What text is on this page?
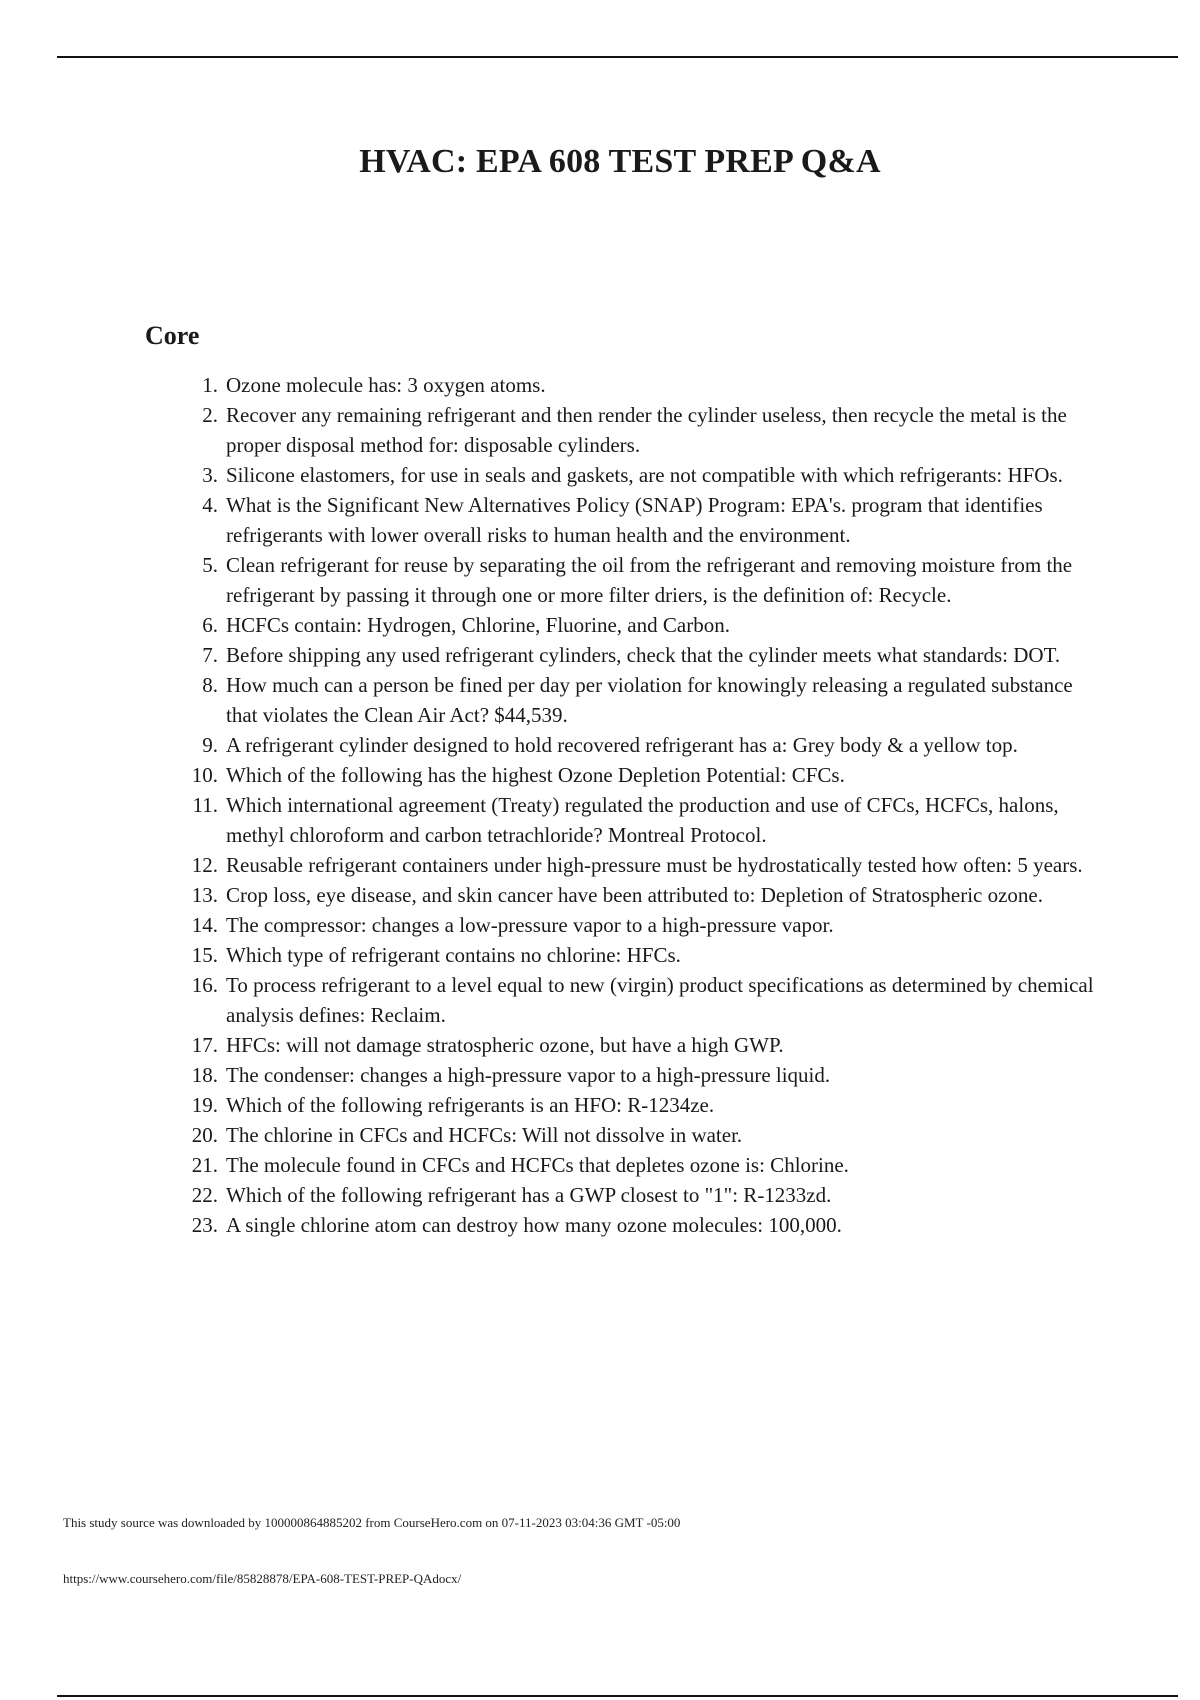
HVAC: EPA 608 TEST PREP Q&A
Core
1. Ozone molecule has: 3 oxygen atoms.
2. Recover any remaining refrigerant and then render the cylinder useless, then recycle the metal is the proper disposal method for: disposable cylinders.
3. Silicone elastomers, for use in seals and gaskets, are not compatible with which refrigerants: HFOs.
4. What is the Significant New Alternatives Policy (SNAP) Program: EPA's. program that identifies refrigerants with lower overall risks to human health and the environment.
5. Clean refrigerant for reuse by separating the oil from the refrigerant and removing moisture from the refrigerant by passing it through one or more filter driers, is the definition of: Recycle.
6. HCFCs contain: Hydrogen, Chlorine, Fluorine, and Carbon.
7. Before shipping any used refrigerant cylinders, check that the cylinder meets what standards: DOT.
8. How much can a person be fined per day per violation for knowingly releasing a regulated substance that violates the Clean Air Act? $44,539.
9. A refrigerant cylinder designed to hold recovered refrigerant has a: Grey body & a yellow top.
10. Which of the following has the highest Ozone Depletion Potential: CFCs.
11. Which international agreement (Treaty) regulated the production and use of CFCs, HCFCs, halons, methyl chloroform and carbon tetrachloride? Montreal Protocol.
12. Reusable refrigerant containers under high-pressure must be hydrostatically tested how often: 5 years.
13. Crop loss, eye disease, and skin cancer have been attributed to: Depletion of Stratospheric ozone.
14. The compressor: changes a low-pressure vapor to a high-pressure vapor.
15. Which type of refrigerant contains no chlorine: HFCs.
16. To process refrigerant to a level equal to new (virgin) product specifications as determined by chemical analysis defines: Reclaim.
17. HFCs: will not damage stratospheric ozone, but have a high GWP.
18. The condenser: changes a high-pressure vapor to a high-pressure liquid.
19. Which of the following refrigerants is an HFO: R-1234ze.
20. The chlorine in CFCs and HCFCs: Will not dissolve in water.
21. The molecule found in CFCs and HCFCs that depletes ozone is: Chlorine.
22. Which of the following refrigerant has a GWP closest to "1": R-1233zd.
23. A single chlorine atom can destroy how many ozone molecules: 100,000.

This study source was downloaded by 100000864885202 from CourseHero.com on 07-11-2023 03:04:36 GMT -05:00

https://www.coursehero.com/file/85828878/EPA-608-TEST-PREP-QAdocx/
